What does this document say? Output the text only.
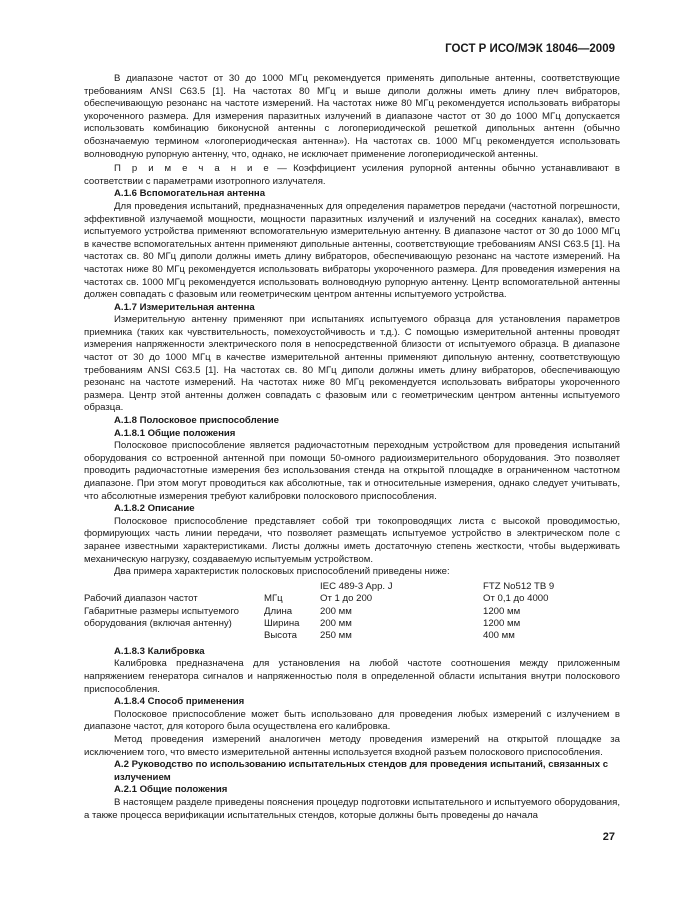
ГОСТ Р ИСО/МЭК 18046—2009

В диапазоне частот от 30 до 1000 МГц рекомендуется применять дипольные антенны, соответствующие требованиям ANSI C63.5 [1]. На частотах 80 МГц и выше диполи должны иметь длину плеч вибраторов, обеспечивающую резонанс на частоте измерений. На частотах ниже 80 МГц рекомендуется использовать вибраторы укороченного размера. Для измерения паразитных излучений в диапазоне частот от 30 до 1000 МГц допускается использовать комбинацию биконусной антенны с логопериодической решеткой дипольных антенн (обычно обозначаемую термином «логопериодическая антенна»). На частотах св. 1000 МГц рекомендуется использовать волноводную рупорную антенну, что, однако, не исключает применение логопериодической антенны.

П р и м е ч а н и е — Коэффициент усиления рупорной антенны обычно устанавливают в соответствии с параметрами изотропного излучателя.

А.1.6 Вспомогательная антенна

Для проведения испытаний, предназначенных для определения параметров передачи (частотной погрешности, эффективной излучаемой мощности, мощности паразитных излучений и излучений на соседних каналах), вместо испытуемого устройства применяют вспомогательную измерительную антенну. В диапазоне частот от 30 до 1000 МГц в качестве вспомогательных антенн применяют дипольные антенны, соответствующие требованиям ANSI C63.5 [1]. На частотах св. 80 МГц диполи должны иметь длину вибраторов, обеспечивающую резонанс на частоте измерений. На частотах ниже 80 МГц рекомендуется использовать вибраторы укороченного размера. Для проведения измерения на частотах св. 1000 МГц рекомендуется использовать волноводную рупорную антенну. Центр вспомогательной антенны должен совпадать с фазовым или геометрическим центром антенны испытуемого устройства.

А.1.7 Измерительная антенна

Измерительную антенну применяют при испытаниях испытуемого образца для установления параметров приемника (таких как чувствительность, помехоустойчивость и т.д.). С помощью измерительной антенны проводят измерения напряженности электрического поля в непосредственной близости от испытуемого образца. В диапазоне частот от 30 до 1000 МГц в качестве измерительной антенны применяют дипольную антенну, соответствующую требованиям ANSI C63.5 [1]. На частотах св. 80 МГц диполи должны иметь длину вибраторов, обеспечивающую резонанс на частоте измерений. На частотах ниже 80 МГц рекомендуется использовать вибраторы укороченного размера. Центр этой антенны должен совпадать с фазовым или с геометрическим центром антенны испытуемого образца.

А.1.8 Полосковое приспособление
А.1.8.1 Общие положения

Полосковое приспособление является радиочастотным переходным устройством для проведения испытаний оборудования со встроенной антенной при помощи 50-омного радиоизмерительного оборудования. Это позволяет проводить радиочастотные измерения без использования стенда на открытой площадке в ограниченном частотном диапазоне. При этом могут проводиться как абсолютные, так и относительные измерения, однако следует учитывать, что абсолютные измерения требуют калибровки полоскового приспособления.

А.1.8.2 Описание

Полосковое приспособление представляет собой три токопроводящих листа с высокой проводимостью, формирующих часть линии передачи, что позволяет размещать испытуемое устройство в электрическом поле с заранее известными характеристиками. Листы должны иметь достаточную степень жесткости, чтобы выдерживать механическую нагрузку, создаваемую испытуемым устройством.

Два примера характеристик полосковых приспособлений приведены ниже:

		IEC 489-3 App. J	FTZ No512 TB 9
Рабочий диапазон частот	МГц	От 1 до 200	От 0,1 до 4000
Габаритные размеры испытуемого	Длина	200 мм	1200 мм
оборудования (включая антенну)	Ширина	200 мм	1200 мм
	Высота	250 мм	400 мм
А.1.8.3 Калибровка

Калибровка предназначена для установления на любой частоте соотношения между приложенным напряжением генератора сигналов и напряженностью поля в определенной области испытания внутри полоскового приспособления.

А.1.8.4 Способ применения

Полосковое приспособление может быть использовано для проведения любых измерений с излучением в диапазоне частот, для которого была осуществлена его калибровка.

Метод проведения измерений аналогичен методу проведения измерений на открытой площадке за исключением того, что вместо измерительной антенны используется входной разъем полоскового приспособления.

А.2 Руководство по использованию испытательных стендов для проведения испытаний, связанных с излучением
А.2.1 Общие положения

В настоящем разделе приведены пояснения процедур подготовки испытательного и испытуемого оборудования, а также процесса верификации испытательных стендов, которые должны быть проведены до начала

27
